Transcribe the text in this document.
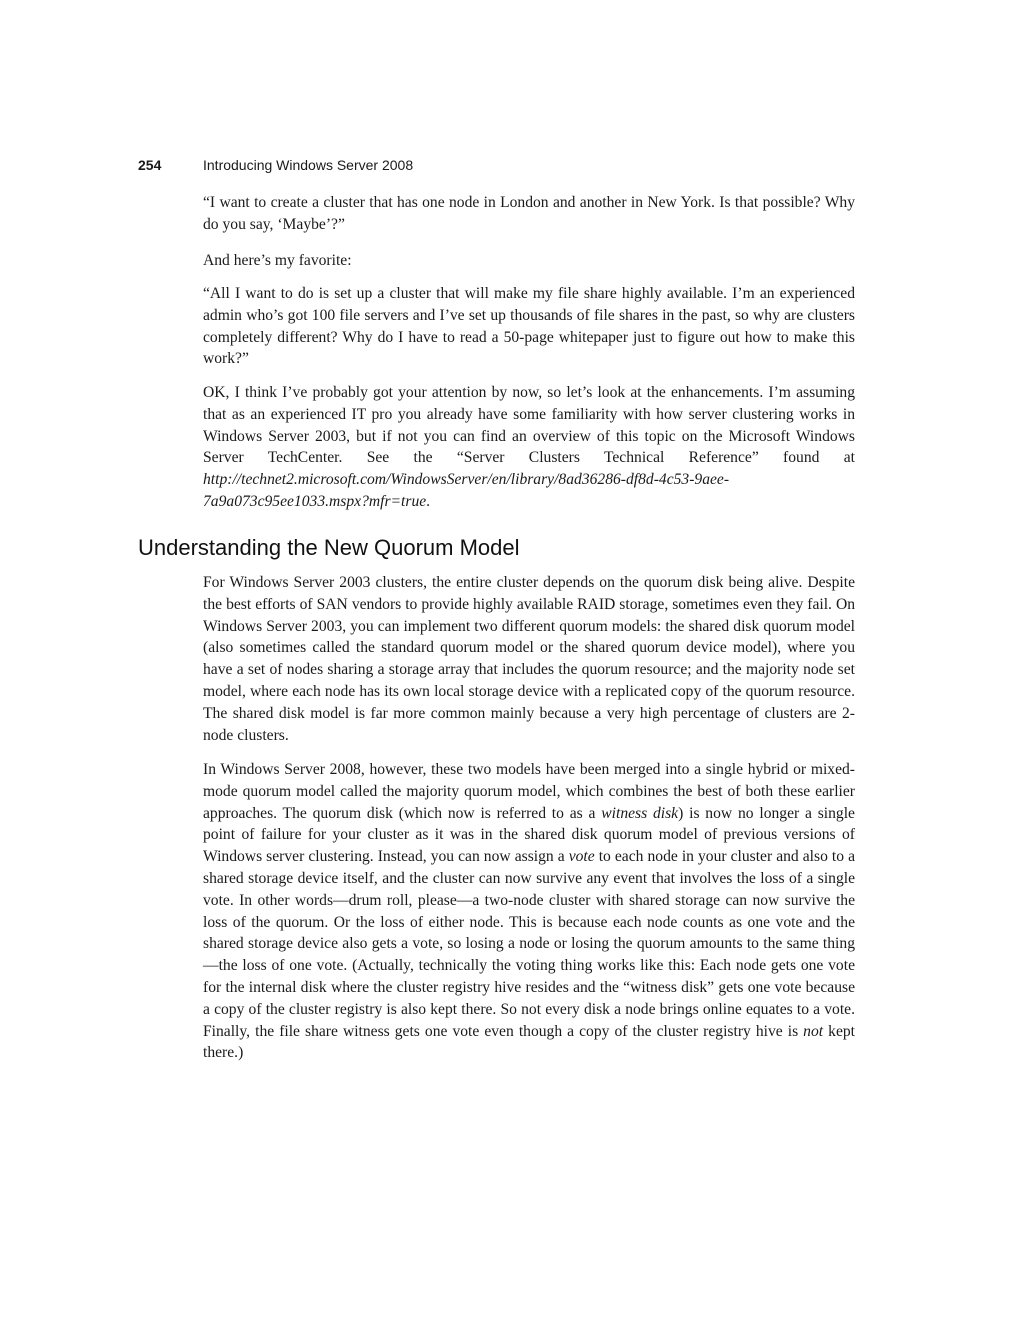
254	Introducing Windows Server 2008

“I want to create a cluster that has one node in London and another in New York. Is that possible? Why do you say, ‘Maybe’?”

And here’s my favorite:

“All I want to do is set up a cluster that will make my file share highly available. I’m an experienced admin who’s got 100 file servers and I’ve set up thousands of file shares in the past, so why are clusters completely different? Why do I have to read a 50-page whitepaper just to figure out how to make this work?”

OK, I think I’ve probably got your attention by now, so let’s look at the enhancements. I’m assuming that as an experienced IT pro you already have some familiarity with how server clustering works in Windows Server 2003, but if not you can find an overview of this topic on the Microsoft Windows Server TechCenter. See the “Server Clusters Technical Reference” found at http://technet2.microsoft.com/WindowsServer/en/library/8ad36286-df8d-4c53-9aee-7a9a073c95ee1033.mspx?mfr=true.

Understanding the New Quorum Model

For Windows Server 2003 clusters, the entire cluster depends on the quorum disk being alive. Despite the best efforts of SAN vendors to provide highly available RAID storage, sometimes even they fail. On Windows Server 2003, you can implement two different quorum models: the shared disk quorum model (also sometimes called the standard quorum model or the shared quorum device model), where you have a set of nodes sharing a storage array that includes the quorum resource; and the majority node set model, where each node has its own local storage device with a replicated copy of the quorum resource. The shared disk model is far more common mainly because a very high percentage of clusters are 2-node clusters.

In Windows Server 2008, however, these two models have been merged into a single hybrid or mixed-mode quorum model called the majority quorum model, which combines the best of both these earlier approaches. The quorum disk (which now is referred to as a witness disk) is now no longer a single point of failure for your cluster as it was in the shared disk quorum model of previous versions of Windows server clustering. Instead, you can now assign a vote to each node in your cluster and also to a shared storage device itself, and the cluster can now survive any event that involves the loss of a single vote. In other words—drum roll, please—a two-node cluster with shared storage can now survive the loss of the quorum. Or the loss of either node. This is because each node counts as one vote and the shared storage device also gets a vote, so losing a node or losing the quorum amounts to the same thing—the loss of one vote. (Actually, technically the voting thing works like this: Each node gets one vote for the internal disk where the cluster registry hive resides and the “witness disk” gets one vote because a copy of the cluster registry is also kept there. So not every disk a node brings online equates to a vote. Finally, the file share witness gets one vote even though a copy of the cluster registry hive is not kept there.)
